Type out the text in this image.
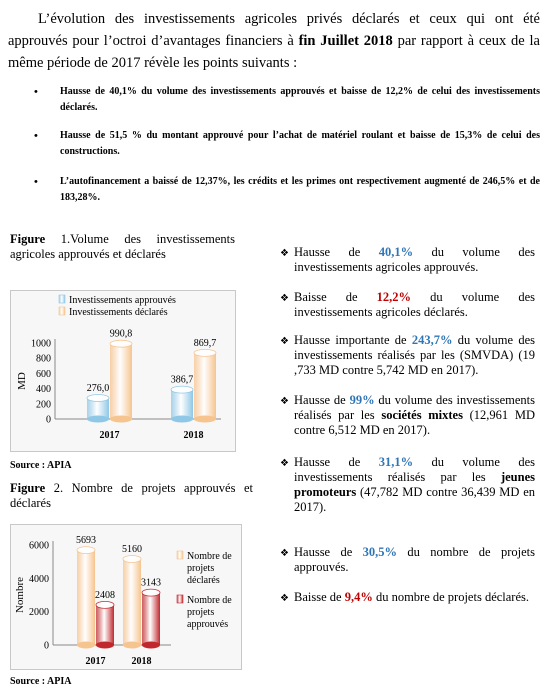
L’évolution des investissements agricoles privés déclarés et ceux qui ont été approuvés pour l’octroi d’avantages financiers à fin Juillet 2018 par rapport à ceux de la même période de 2017 révèle les points suivants :

• Hausse de 40,1% du volume des investissements approuvés et baisse de 12,2% de celui des investissements déclarés.
• Hausse de 51,5 % du montant approuvé pour l’achat de matériel roulant et baisse de 15,3% de celui des constructions.
• L’autofinancement a baissé de 12,37%, les crédits et les primes ont respectivement augmenté de 246,5% et de 183,28%.
Figure 1.Volume des investissements agricoles approuvés et déclarés
0
200
400
600
800
1000
MD	276,0
990,8
2017
386,7
869,7
2018
Investissements approuvés
Investissements déclarés
Source : APIA
Figure 2. Nombre de projets approuvés et déclarés
0
2000
4000
6000
Nombre
5693
2408
2017
5160
3143
2018
Nombre de projets déclarés
Nombre de projets approuvés
Source : APIA
❖ Hausse de 40,1% du volume des investissements agricoles approuvés.
❖ Baisse de 12,2% du volume des investissements agricoles déclarés.
❖ Hausse importante de 243,7% du volume des investissements réalisés par les (SMVDA) (19 ,733 MD contre 5,742 MD en 2017).
❖ Hausse de 99% du volume des investissements réalisés par les sociétés mixtes (12,961 MD contre 6,512 MD en 2017).
❖ Hausse de 31,1% du volume des investissements réalisés par les jeunes promoteurs (47,782 MD contre 36,439 MD en 2017).
❖ Hausse de 30,5% du nombre de projets approuvés.
❖ Baisse de 9,4% du nombre de projets déclarés.
